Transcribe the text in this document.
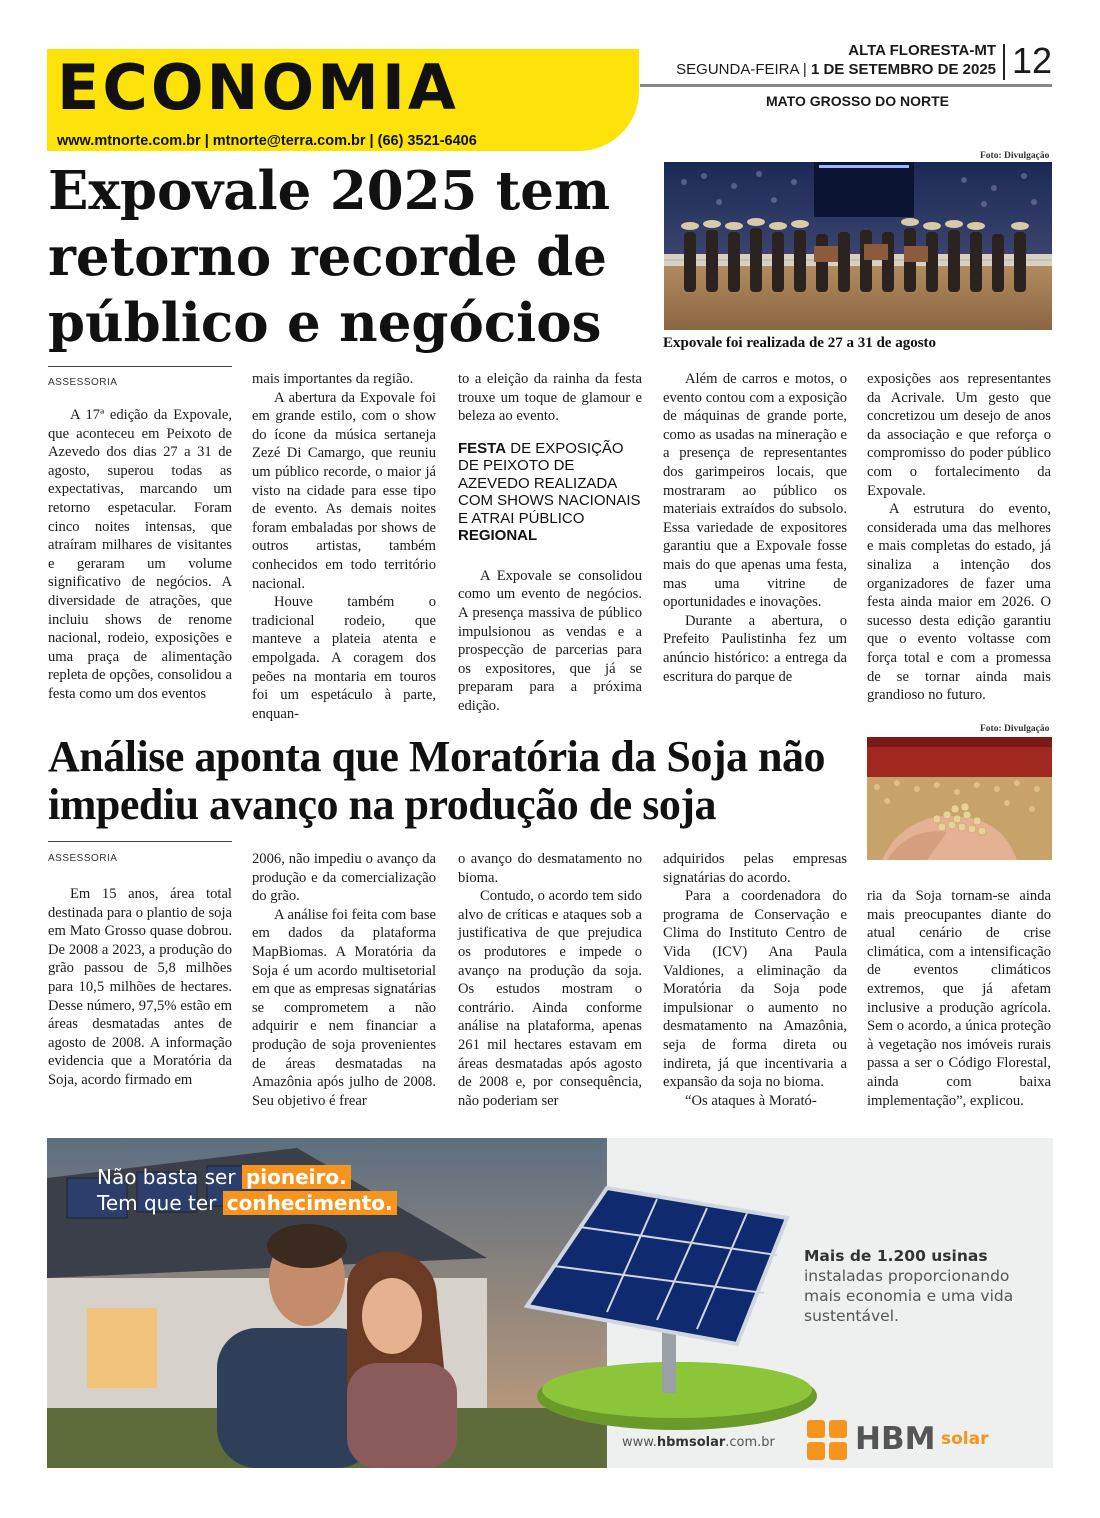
ECONOMIA
www.mtnorte.com.br | mtnorte@terra.com.br | (66) 3521-6406
ALTA FLORESTA-MT
SEGUNDA-FEIRA | 1 DE SETEMBRO DE 2025
MATO GROSSO DO NORTE
12
Expovale 2025 tem retorno recorde de público e negócios
Foto: Divulgação
Expovale foi realizada de 27 a 31 de agosto
ASSESSORIA

A 17ª edição da Expovale, que aconteceu em Peixoto de Azevedo dos dias 27 a 31 de agosto, superou todas as expectativas, marcando um retorno espetacular. Foram cinco noites intensas, que atraíram milhares de visitantes e geraram um volume significativo de negócios. A diversidade de atrações, que incluiu shows de renome nacional, rodeio, exposições e uma praça de alimentação repleta de opções, consolidou a festa como um dos eventos

mais importantes da região.

A abertura da Expovale foi em grande estilo, com o show do ícone da música sertaneja Zezé Di Camargo, que reuniu um público recorde, o maior já visto na cidade para esse tipo de evento. As demais noites foram embaladas por shows de outros artistas, também conhecidos em todo território nacional.

Houve também o tradicional rodeio, que manteve a plateia atenta e empolgada. A coragem dos peões na montaria em touros foi um espetáculo à parte, enquan-

to a eleição da rainha da festa trouxe um toque de glamour e beleza ao evento.

FESTA DE EXPOSIÇÃO DE PEIXOTO DE AZEVEDO REALIZADA COM SHOWS NACIONAIS E ATRAI PÚBLICO REGIONAL

A Expovale se consolidou como um evento de negócios. A presença massiva de público impulsionou as vendas e a prospecção de parcerias para os expositores, que já se preparam para a próxima edição.

Além de carros e motos, o evento contou com a exposição de máquinas de grande porte, como as usadas na mineração e a presença de representantes dos garimpeiros locais, que mostraram ao público os materiais extraídos do subsolo. Essa variedade de expositores garantiu que a Expovale fosse mais do que apenas uma festa, mas uma vitrine de oportunidades e inovações.

Durante a abertura, o Prefeito Paulistinha fez um anúncio histórico: a entrega da escritura do parque de

exposições aos representantes da Acrivale. Um gesto que concretizou um desejo de anos da associação e que reforça o compromisso do poder público com o fortalecimento da Expovale.

A estrutura do evento, considerada uma das melhores e mais completas do estado, já sinaliza a intenção dos organizadores de fazer uma festa ainda maior em 2026. O sucesso desta edição garantiu que o evento voltasse com força total e com a promessa de se tornar ainda mais grandioso no futuro.

Análise aponta que Moratória da Soja não impediu avanço na produção de soja
Foto: Divulgação
ASSESSORIA

Em 15 anos, área total destinada para o plantio de soja em Mato Grosso quase dobrou. De 2008 a 2023, a produção do grão passou de 5,8 milhões para 10,5 milhões de hectares. Desse número, 97,5% estão em áreas desmatadas antes de agosto de 2008. A informação evidencia que a Moratória da Soja, acordo firmado em

2006, não impediu o avanço da produção e da comercialização do grão.

A análise foi feita com base em dados da plataforma MapBiomas. A Moratória da Soja é um acordo multisetorial em que as empresas signatárias se comprometem a não adquirir e nem financiar a produção de soja provenientes de áreas desmatadas na Amazônia após julho de 2008. Seu objetivo é frear

o avanço do desmatamento no bioma.

Contudo, o acordo tem sido alvo de críticas e ataques sob a justificativa de que prejudica os produtores e impede o avanço na produção da soja. Os estudos mostram o contrário. Ainda conforme análise na plataforma, apenas 261 mil hectares estavam em áreas desmatadas após agosto de 2008 e, por consequência, não poderiam ser

adquiridos pelas empresas signatárias do acordo.

Para a coordenadora do programa de Conservação e Clima do Instituto Centro de Vida (ICV) Ana Paula Valdiones, a eliminação da Moratória da Soja pode impulsionar o aumento no desmatamento na Amazônia, seja de forma direta ou indireta, já que incentivaria a expansão da soja no bioma.

“Os ataques à Morató-

ria da Soja tornam-se ainda mais preocupantes diante do atual cenário de crise climática, com a intensificação de eventos climáticos extremos, que já afetam inclusive a produção agrícola. Sem o acordo, a única proteção à vegetação nos imóveis rurais passa a ser o Código Florestal, ainda com baixa implementação”, explicou.

Não basta ser pioneiro.
Tem que ter conhecimento.
Mais de 1.200 usinas
instaladas proporcionando mais economia e uma vida sustentável.
www.hbmsolar.com.br	HBM solar
